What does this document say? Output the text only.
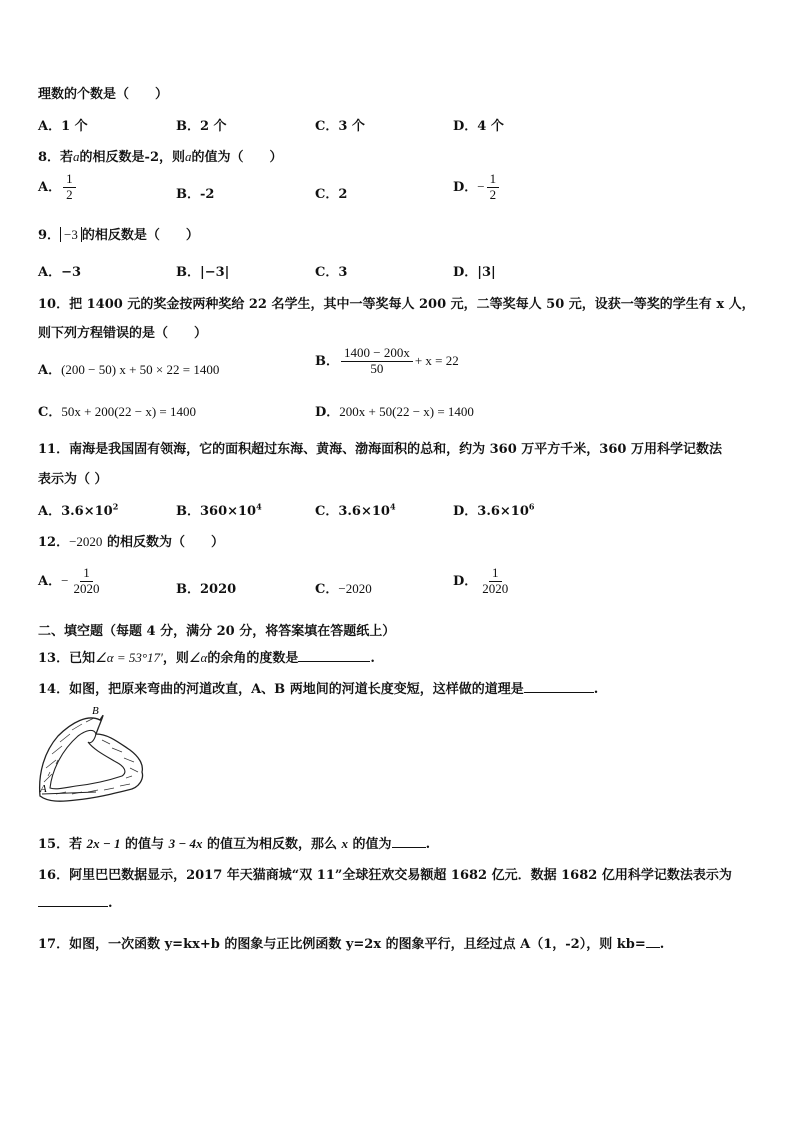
理数的个数是（　　）
A．1 个	B．2 个	C．3 个	D．4 个
8．若a的相反数是-2，则a的值为（　　）
A． $\frac{1}{2}$	B．-2	C．2	D．− $\frac{1}{2}$
9． −3 的相反数是（　　）
A．−3	B．|−3|	C．3	D．|3|
10．把 1400 元的奖金按两种奖给 22 名学生，其中一等奖每人 200 元，二等奖每人 50 元，设获一等奖的学生有 x 人，
则下列方程错误的是（　　）
A．(200 − 50) x + 50 × 22 = 1400
B． $\frac{1400 - 200x}{50} + x = 22$
C．50x + 200(22 − x) = 1400	D．200x + 50(22 − x) = 1400
11．南海是我国固有领海，它的面积超过东海、黄海、渤海面积的总和，约为 360 万平方千米，360 万用科学记数法
表示为（ ）
A．$3.6\times 10^2$	B．$360\times 10^4$	C．$3.6\times 10^4$	D．$3.6\times 10^6$
12．−2020 的相反数为（　　）
A．− $\frac{1}{2020}$	B．2020	C．−2020	D． $\frac{1}{2020}$
二、填空题（每题 4 分，满分 20 分，将答案填在答题纸上）
13．已知∠α = 53°17′，则∠α的余角的度数是	.
14．如图，把原来弯曲的河道改直，A、B 两地间的河道长度变短，这样做的道理是	.
B
A
15．若 2x − 1 的值与 3 − 4x 的值互为相反数，那么 x 的值为	.
16．阿里巴巴数据显示，2017 年天猫商城“双 11”全球狂欢交易额超 1682 亿元．数据 1682 亿用科学记数法表示为
.
17．如图，一次函数 y=kx+b 的图象与正比例函数 y=2x 的图象平行，且经过点 A（1，-2），则 kb= .
